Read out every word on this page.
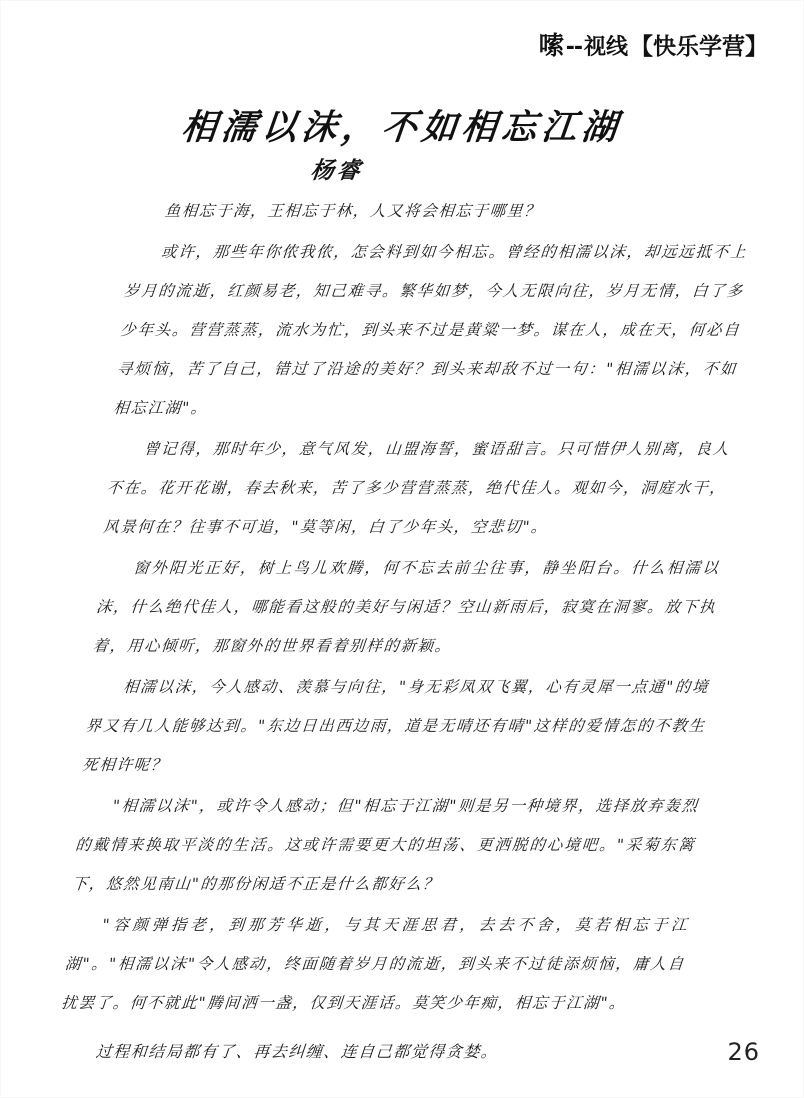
嗦 -- 视线 【快乐学营】
相濡以沫，不如相忘江湖
杨睿

鱼相忘于海，王相忘于林，人又将会相忘于哪里？

或许，那些年你侬我侬，怎会料到如今相忘。曾经的相濡以沫，却远远抵不上岁月的流逝，红颜易老，知己难寻。繁华如梦，今人无限向往，岁月无情，白了多少年头。营营蒸蒸，流水为忙，到头来不过是黄粱一梦。谋在人，成在天，何必自寻烦恼，苦了自己，错过了沿途的美好？到头来却敌不过一句："相濡以沫，不如相忘江湖"。

曾记得，那时年少，意气风发，山盟海誓，蜜语甜言。只可惜伊人别离，良人不在。花开花谢，春去秋来，苦了多少营营蒸蒸，绝代佳人。观如今，洞庭水干，风景何在？往事不可追，"莫等闲，白了少年头，空悲切"。

窗外阳光正好，树上鸟儿欢腾，何不忘去前尘往事，静坐阳台。什么相濡以沫，什么绝代佳人，哪能看这般的美好与闲适？空山新雨后，寂寞在洞寥。放下执着，用心倾听，那窗外的世界看着别样的新颖。

相濡以沫，今人感动、羡慕与向往，"身无彩凤双飞翼，心有灵犀一点通"的境界又有几人能够达到。"东边日出西边雨，道是无晴还有晴"这样的爱情怎的不教生死相许呢？

"相濡以沫"，或许令人感动；但"相忘于江湖"则是另一种境界，选择放弃轰烈的戴情来换取平淡的生活。这或许需要更大的坦荡、更洒脱的心境吧。"采菊东篱下，悠然见南山"的那份闲适不正是什么都好么？

"容颜弹指老，到那芳华逝，与其天涯思君，去去不舍，莫若相忘于江湖"。"相濡以沫"令人感动，终面随着岁月的流逝，到头来不过徒添烦恼，庸人自扰罢了。何不就此"腾间洒一盏，仅到天涯话。莫笑少年痴，相忘于江湖"。

过程和结局都有了、再去纠缠、连自己都觉得贪婪。	26
